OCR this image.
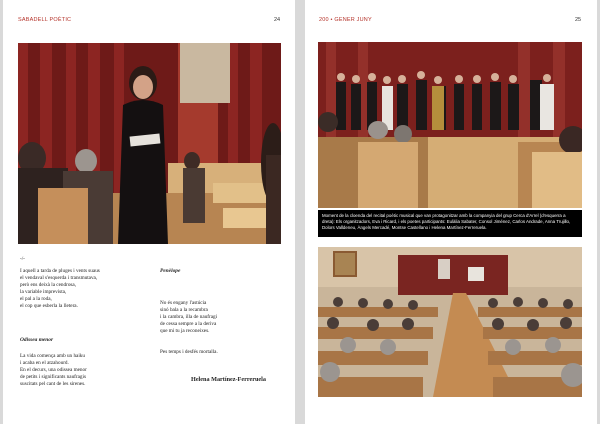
SABADELL POÈTIC	24
-/-
I aquell a tarda de pluges i vents suaus
el vendaval s'esquerda i transmutava,
però ens deixà la cendrosa,
la variable imprevista,
el pal a la roda,
el cop que esberla la lletera.
Odissea menor
La vida comença amb un haiku
i acaba en el atzahourd.
En el decurs, una odissea menor
de petits i significants naufragis
suscitats pel cant de les sirenes.
Penèlope
No és engany l'astúcia
sinó bala a la recambra
i la cambra, illa de naufragi
de cessa sempre a la deriva
que mi tu ja reconeixes.
Pes temps i desfés mortalla.
Helena Martínez-Ferreruela
200 • GENER JUNY	25
Moment de la cloenda del recital poètic musical que van protagonitzar amb la companyia del grup Cerca d'Arrel (d'esquerra a dreta): Els organitzadors, Eva i Ricard, i els poetes participants: Eulàlia Sabater, Consol Jiménez, Carlos Andrade, Anna Trujillo, Dolors Valldeneu, Àngels Mercadé, Montse Castellano i Helena Martínez-Ferreruela.
